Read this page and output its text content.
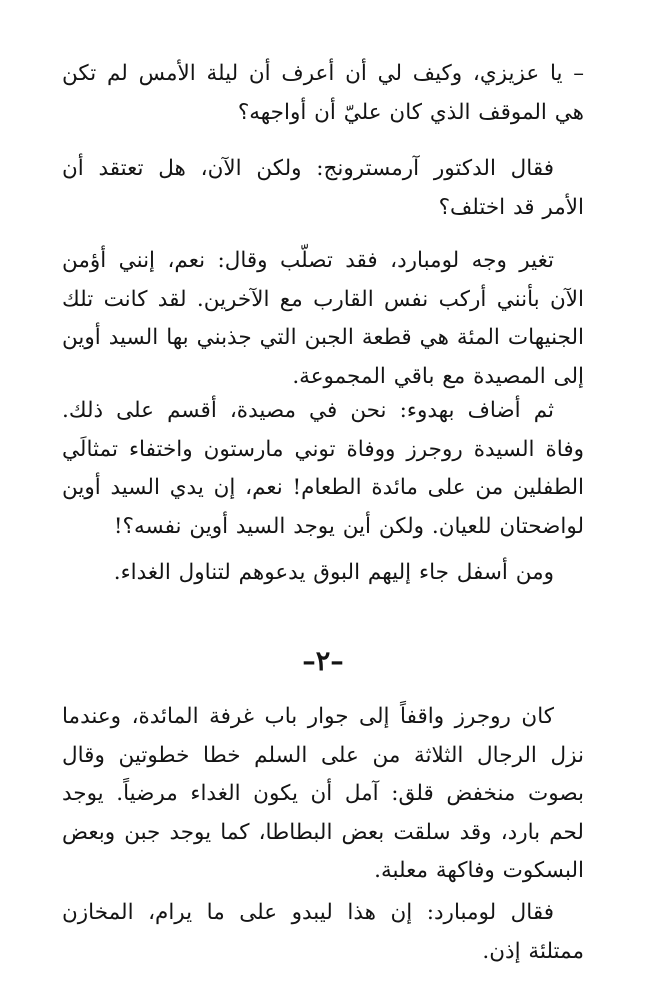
– يا عزيزي، وكيف لي أن أعرف أن ليلة الأمس لم تكن هي الموقف الذي كان عليّ أن أواجهه؟

فقال الدكتور آرمسترونج: ولكن الآن، هل تعتقد أن الأمر قد اختلف؟

تغير وجه لومبارد، فقد تصلّب وقال: نعم، إنني أؤمن الآن بأنني أركب نفس القارب مع الآخرين. لقد كانت تلك الجنيهات المئة هي قطعة الجبن التي جذبني بها السيد أوين إلى المصيدة مع باقي المجموعة.

ثم أضاف بهدوء: نحن في مصيدة، أقسم على ذلك. وفاة السيدة روجرز ووفاة توني مارستون واختفاء تمثالَي الطفلين من على مائدة الطعام! نعم، إن يدي السيد أوين لواضحتان للعيان. ولكن أين يوجد السيد أوين نفسه؟!

ومن أسفل جاء إليهم البوق يدعوهم لتناول الغداء.

–٢–

كان روجرز واقفاً إلى جوار باب غرفة المائدة، وعندما نزل الرجال الثلاثة من على السلم خطا خطوتين وقال بصوت منخفض قلق: آمل أن يكون الغداء مرضياً. يوجد لحم بارد، وقد سلقت بعض البطاطا، كما يوجد جبن وبعض البسكوت وفاكهة معلبة.

فقال لومبارد: إن هذا ليبدو على ما يرام، المخازن ممتلئة إذن.
